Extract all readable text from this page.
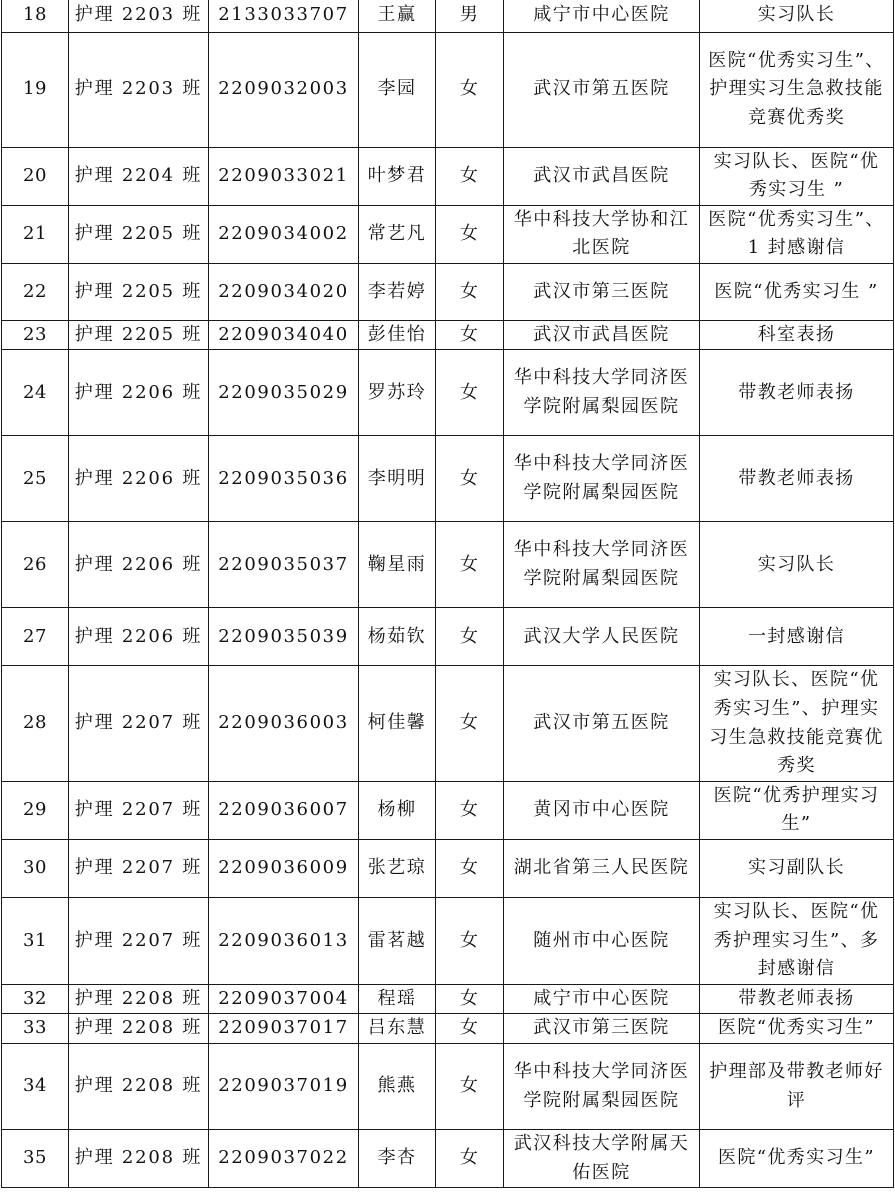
18	护理 2203 班	2133033707	王赢	男	咸宁市中心医院	实习队长
19	护理 2203 班	2209032003	李园	女	武汉市第五医院	医院“优秀实习生”、护理实习生急救技能竞赛优秀奖
20	护理 2204 班	2209033021	叶梦君	女	武汉市武昌医院	实习队长、医院“优秀实习生 ”
21	护理 2205 班	2209034002	常艺凡	女	华中科技大学协和江北医院	医院“优秀实习生”、1 封感谢信
22	护理 2205 班	2209034020	李若婷	女	武汉市第三医院	医院“优秀实习生 ”
23	护理 2205 班	2209034040	彭佳怡	女	武汉市武昌医院	科室表扬
24	护理 2206 班	2209035029	罗苏玲	女	华中科技大学同济医学院附属梨园医院	带教老师表扬
25	护理 2206 班	2209035036	李明明	女	华中科技大学同济医学院附属梨园医院	带教老师表扬
26	护理 2206 班	2209035037	鞠星雨	女	华中科技大学同济医学院附属梨园医院	实习队长
27	护理 2206 班	2209035039	杨茹钦	女	武汉大学人民医院	一封感谢信
28	护理 2207 班	2209036003	柯佳馨	女	武汉市第五医院	实习队长、医院“优秀实习生”、护理实习生急救技能竞赛优秀奖
29	护理 2207 班	2209036007	杨柳	女	黄冈市中心医院	医院“优秀护理实习生”
30	护理 2207 班	2209036009	张艺琼	女	湖北省第三人民医院	实习副队长
31	护理 2207 班	2209036013	雷茗越	女	随州市中心医院	实习队长、医院“优秀护理实习生”、多封感谢信
32	护理 2208 班	2209037004	程瑶	女	咸宁市中心医院	带教老师表扬
33	护理 2208 班	2209037017	吕东慧	女	武汉市第三医院	医院“优秀实习生”
34	护理 2208 班	2209037019	熊燕	女	华中科技大学同济医学院附属梨园医院	护理部及带教老师好评
35	护理 2208 班	2209037022	李杏	女	武汉科技大学附属天佑医院	医院“优秀实习生”
